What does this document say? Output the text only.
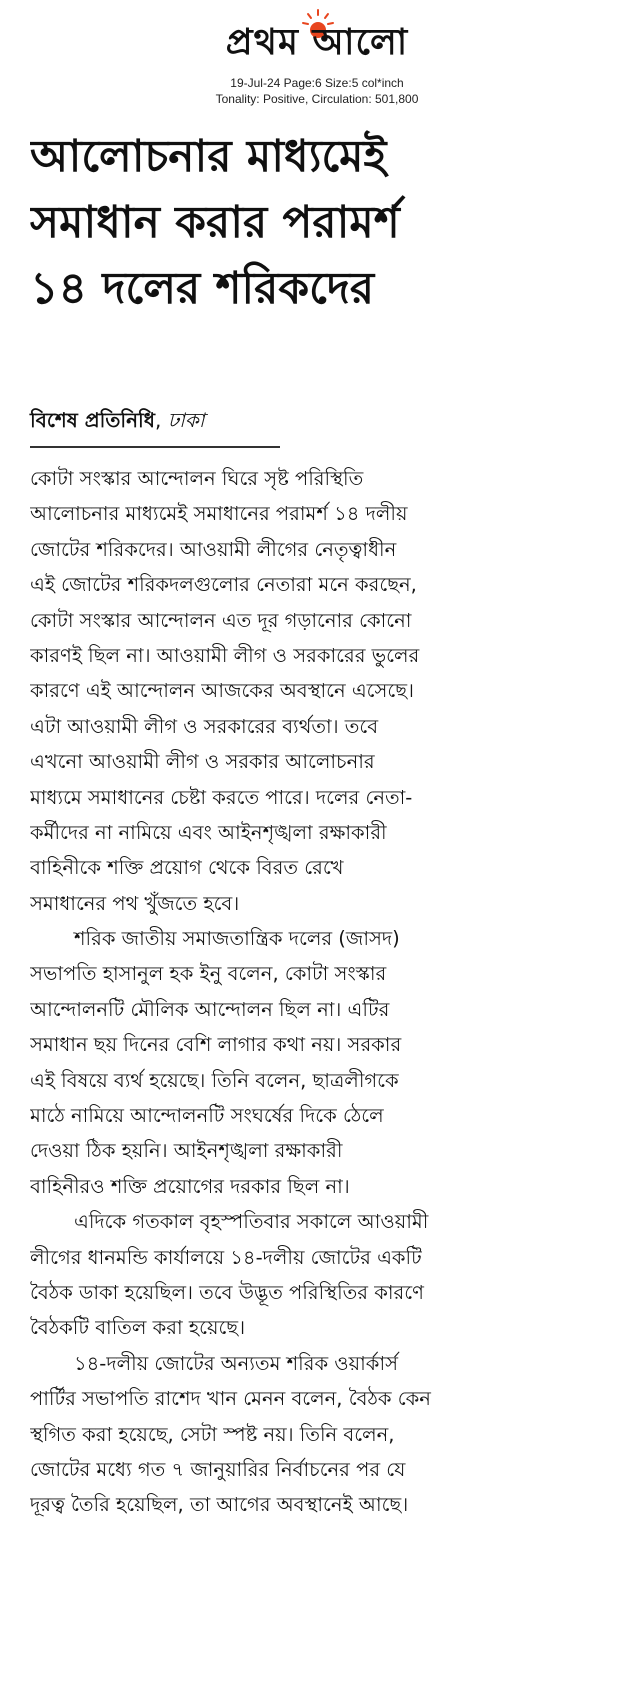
প্রথম আলো
19-Jul-24 Page:6 Size:5 col*inch
Tonality: Positive, Circulation: 501,800
আলোচনার মাধ্যমেই
সমাধান করার পরামর্শ
১৪ দলের শরিকদের
বিশেষ প্রতিনিধি, ঢাকা

কোটা সংস্কার আন্দোলন ঘিরে সৃষ্ট পরিস্থিতি
আলোচনার মাধ্যমেই সমাধানের পরামর্শ ১৪ দলীয়
জোটের শরিকদের। আওয়ামী লীগের নেতৃত্বাধীন
এই জোটের শরিকদলগুলোর নেতারা মনে করছেন,
কোটা সংস্কার আন্দোলন এত দূর গড়ানোর কোনো
কারণই ছিল না। আওয়ামী লীগ ও সরকারের ভুলের
কারণে এই আন্দোলন আজকের অবস্থানে এসেছে।
এটা আওয়ামী লীগ ও সরকারের ব্যর্থতা। তবে
এখনো আওয়ামী লীগ ও সরকার আলোচনার
মাধ্যমে সমাধানের চেষ্টা করতে পারে। দলের নেতা-
কর্মীদের না নামিয়ে এবং আইনশৃঙ্খলা রক্ষাকারী
বাহিনীকে শক্তি প্রয়োগ থেকে বিরত রেখে
সমাধানের পথ খুঁজতে হবে।

শরিক জাতীয় সমাজতান্ত্রিক দলের (জাসদ)
সভাপতি হাসানুল হক ইনু বলেন, কোটা সংস্কার
আন্দোলনটি মৌলিক আন্দোলন ছিল না। এটির
সমাধান ছয় দিনের বেশি লাগার কথা নয়। সরকার
এই বিষয়ে ব্যর্থ হয়েছে। তিনি বলেন, ছাত্রলীগকে
মাঠে নামিয়ে আন্দোলনটি সংঘর্ষের দিকে ঠেলে
দেওয়া ঠিক হয়নি। আইনশৃঙ্খলা রক্ষাকারী
বাহিনীরও শক্তি প্রয়োগের দরকার ছিল না।

এদিকে গতকাল বৃহস্পতিবার সকালে আওয়ামী
লীগের ধানমন্ডি কার্যালয়ে ১৪-দলীয় জোটের একটি
বৈঠক ডাকা হয়েছিল। তবে উদ্ভূত পরিস্থিতির কারণে
বৈঠকটি বাতিল করা হয়েছে।

১৪-দলীয় জোটের অন্যতম শরিক ওয়ার্কার্স
পার্টির সভাপতি রাশেদ খান মেনন বলেন, বৈঠক কেন
স্থগিত করা হয়েছে, সেটা স্পষ্ট নয়। তিনি বলেন,
জোটের মধ্যে গত ৭ জানুয়ারির নির্বাচনের পর যে
দূরত্ব তৈরি হয়েছিল, তা আগের অবস্থানেই আছে।
